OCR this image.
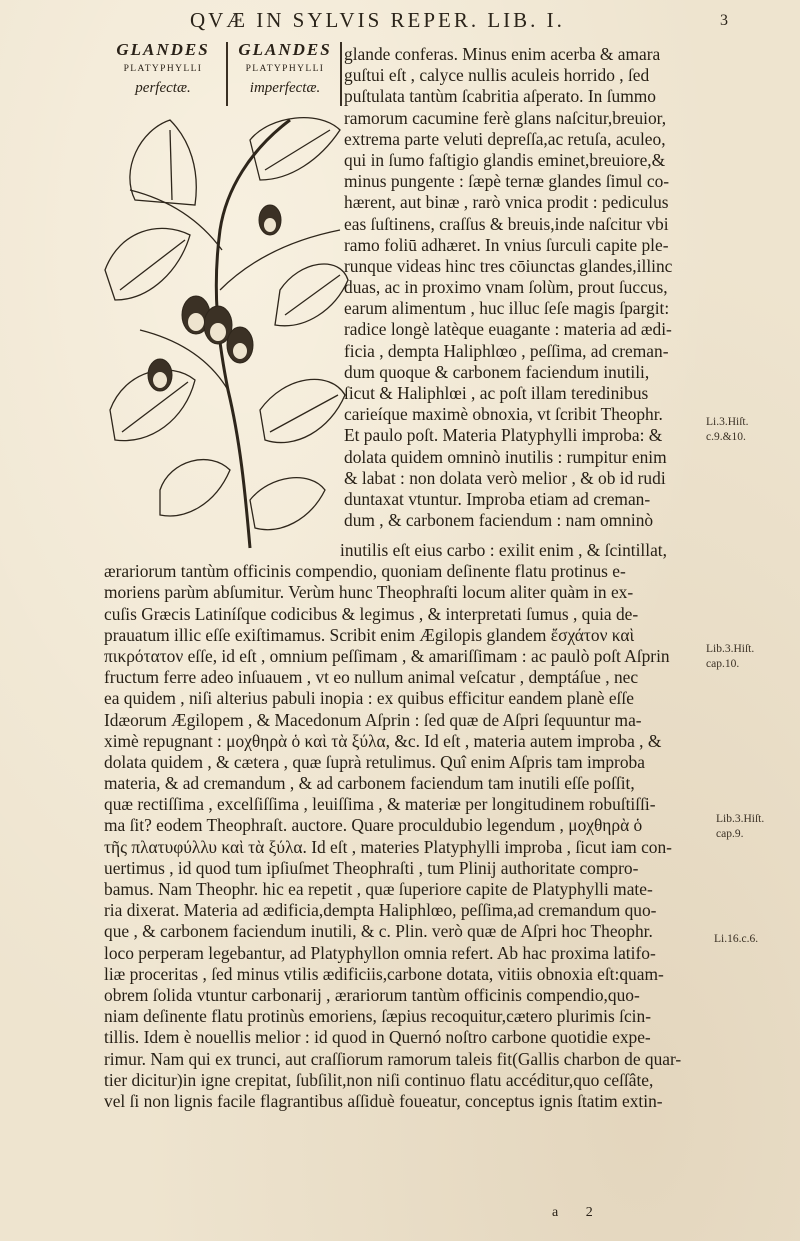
QVÆ IN SYLVIS REPER. LIB. I.	3
GLANDES
PLATYPHYLLI
perfectæ.
GLANDES
PLATYPHYLLI
imperfectæ.
glande conferas. Minus enim acerba & amara
guſtui eſt , calyce nullis aculeis horrido , ſed
puſtulata tantùm ſcabritia aſperato. In ſummo
ramorum cacumine ferè glans naſcitur,breuior,
extrema parte veluti depreſſa,ac retuſa, aculeo,
qui in ſumo faſtigio glandis eminet,breuiore,&
minus pungente : ſæpè ternæ glandes ſimul co-
hærent, aut binæ , rarò vnica prodit : pediculus
eas ſuſtinens, craſſus & breuis,inde naſcitur vbi
ramo foliū adhæret. In vnius ſurculi capite ple-
runque videas hinc tres cōiunctas glandes,illinc
duas, ac in proximo vnam ſolùm, prout ſuccus,
earum alimentum , huc illuc ſeſe magis ſpargit:
radice longè latèque euagante : materia ad ædi-
ficia , dempta Haliphlœo , peſſima, ad creman-
dum quoque & carbonem faciendum inutili,
ſicut & Haliphlœi , ac poſt illam teredinibus
carieíque maximè obnoxia, vt ſcribit Theophr.
Et paulo poſt. Materia Platyphylli improba: &
dolata quidem omninò inutilis : rumpitur enim
& labat : non dolata verò melior , & ob id rudi
duntaxat vtuntur. Improba etiam ad creman-
dum , & carbonem faciendum : nam omninò
inutilis eſt eius carbo : exilit enim , & ſcintillat,
ærariorum tantùm officinis compendio, quoniam deſinente flatu protinus e-
moriens parùm abſumitur. Verùm hunc Theophraſti locum aliter quàm in ex-
cuſis Græcis Latiníſque codicibus & legimus , & interpretati ſumus , quia de-
prauatum illic eſſe exiſtimamus. Scribit enim Ægilopis glandem ἔσχάτον καὶ
πικρότατον eſſe, id eſt , omnium peſſimam , & amariſſimam : ac paulò poſt Aſprin
fructum ferre adeo inſuauem , vt eo nullum animal veſcatur , demptáſue , nec
ea quidem , niſi alterius pabuli inopia : ex quibus efficitur eandem planè eſſe
Idæorum Ægilopem , & Macedonum Aſprin : ſed quæ de Aſpri ſequuntur ma-
ximè repugnant : μοχθηρὰ ὁ καὶ τὰ ξύλα, &c. Id eſt , materia autem improba , &
dolata quidem , & cætera , quæ ſuprà retulimus. Quî enim Aſpris tam improba
materia, & ad cremandum , & ad carbonem faciendum tam inutili eſſe poſſit,
quæ rectiſſima , excelſiſſima , leuiſſima , & materiæ per longitudinem robuſtiſſi-
ma ſit? eodem Theophraſt. auctore. Quare proculdubio legendum , μοχθηρὰ ὁ
τῆς πλατυφύλλυ καὶ τὰ ξύλα. Id eſt , materies Platyphylli improba , ſicut iam con-
uertimus , id quod tum ipſiuſmet Theophraſti , tum Plinij authoritate compro-
bamus. Nam Theophr. hic ea repetit , quæ ſuperiore capite de Platyphylli mate-
ria dixerat. Materia ad ædificia,dempta Haliphlœo, peſſima,ad cremandum quo-
que , & carbonem faciendum inutili, & c. Plin. verò quæ de Aſpri hoc Theophr.
loco perperam legebantur, ad Platyphyllon omnia refert. Ab hac proxima latifo-
liæ proceritas , ſed minus vtilis ædificiis,carbone dotata, vitiis obnoxia eſt:quam-
obrem ſolida vtuntur carbonarij , ærariorum tantùm officinis compendio,quo-
niam deſinente flatu protinùs emoriens, ſæpius recoquitur,cætero plurimis ſcin-
tillis. Idem è nouellis melior : id quod in Quernó noſtro carbone quotidie expe-
rimur. Nam qui ex trunci, aut craſſiorum ramorum taleis fit(Gallis charbon de quar-
tier dicitur)in igne crepitat, ſubſilit,non niſi continuo flatu accéditur,quo ceſſâte,
vel ſi non lignis facile flagrantibus aſſiduè foueatur, conceptus ignis ſtatim extin-
Li.3.Hiſt.
c.9.&10.
Lib.3.Hiſt.
cap.10.
Lib.3.Hiſt.
cap.9.
Li.16.c.6.
a 2
